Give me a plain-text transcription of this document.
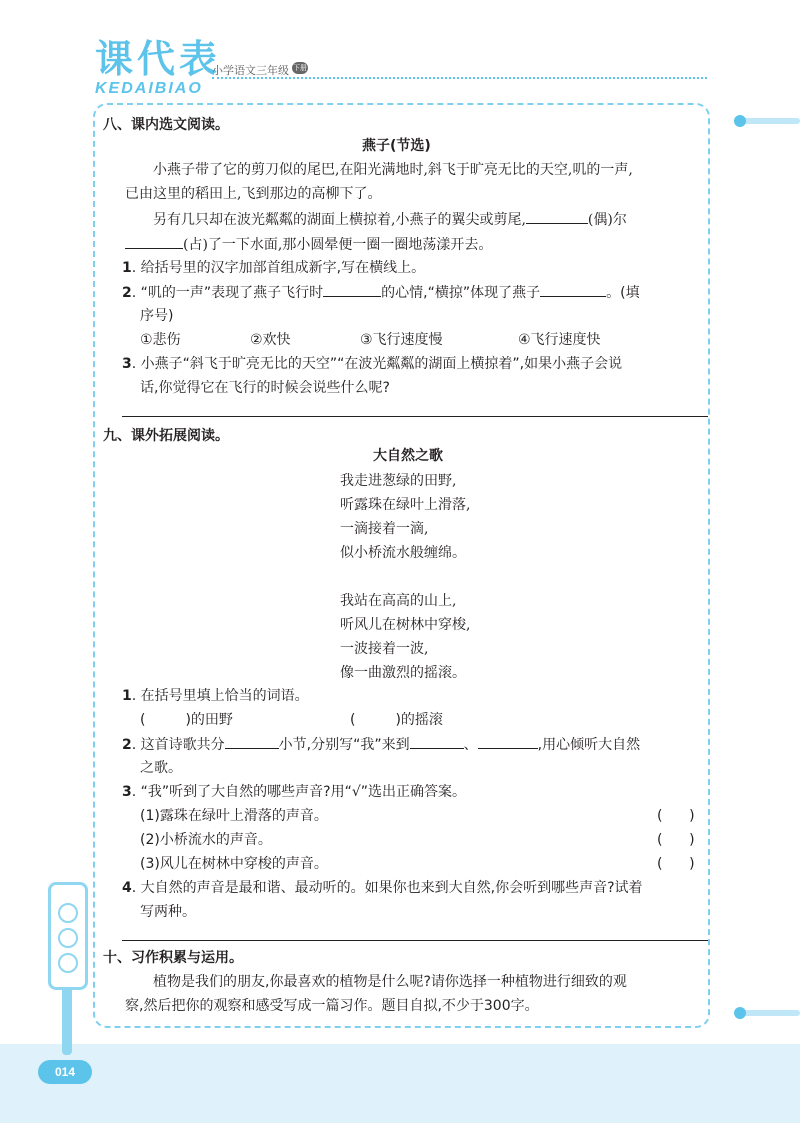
课代表
KEDAIBIAO
小学语文三年级 下册
014
八、课内选文阅读。
燕子(节选)
小燕子带了它的剪刀似的尾巴,在阳光满地时,斜飞于旷亮无比的天空,叽的一声,
已由这里的稻田上,飞到那边的高柳下了。
另有几只却在波光粼粼的湖面上横掠着,小燕子的翼尖或剪尾,	(偶)尔
(占)了一下水面,那小圆晕便一圈一圈地荡漾开去。
1. 给括号里的汉字加部首组成新字,写在横线上。
2. “叽的一声”表现了燕子飞行时	的心情,“横掠”体现了燕子	。(填
序号)
①悲伤	②欢快	③飞行速度慢	④飞行速度快
3. 小燕子“斜飞于旷亮无比的天空”“在波光粼粼的湖面上横掠着”,如果小燕子会说
话,你觉得它在飞行的时候会说些什么呢?
九、课外拓展阅读。
大自然之歌
我走进葱绿的田野,
听露珠在绿叶上滑落,
一滴接着一滴,
似小桥流水般缠绵。
我站在高高的山上,
听风儿在树林中穿梭,
一波接着一波,
像一曲激烈的摇滚。
1. 在括号里填上恰当的词语。
(	)的田野	(	)的摇滚
2. 这首诗歌共分	小节,分别写“我”来到	、	,用心倾听大自然
之歌。
3. “我”听到了大自然的哪些声音?用“√”选出正确答案。
(1)露珠在绿叶上滑落的声音。	(      )
(2)小桥流水的声音。	(      )
(3)风儿在树林中穿梭的声音。	(      )
4. 大自然的声音是最和谐、最动听的。如果你也来到大自然,你会听到哪些声音?试着
写两种。
十、习作积累与运用。
植物是我们的朋友,你最喜欢的植物是什么呢?请你选择一种植物进行细致的观
察,然后把你的观察和感受写成一篇习作。题目自拟,不少于300字。
